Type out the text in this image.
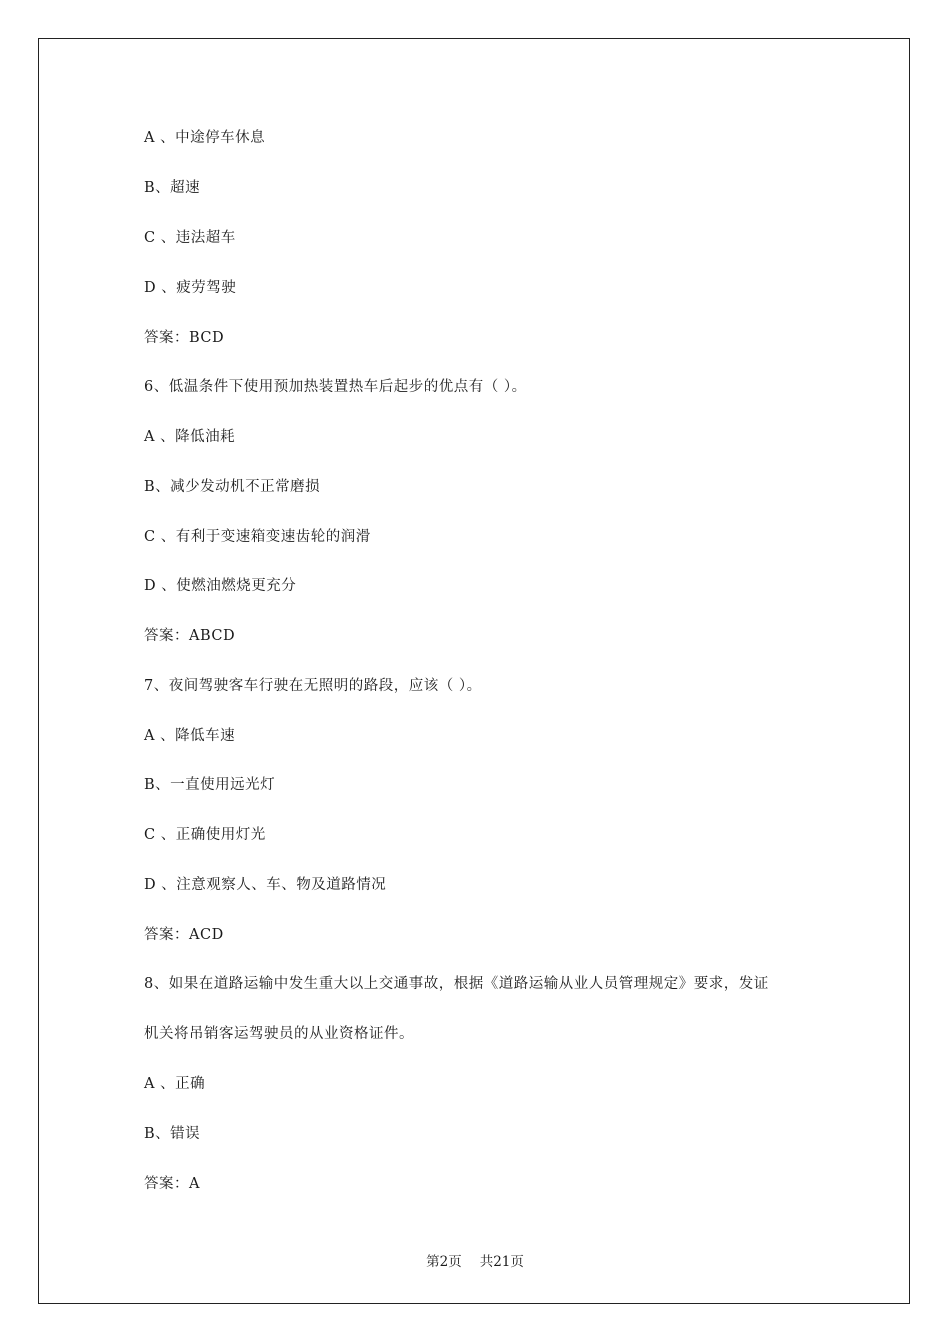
A 、中途停车休息
B、超速
C 、违法超车
D 、疲劳驾驶
答案：BCD
6、低温条件下使用预加热装置热车后起步的优点有（ ）。
A 、降低油耗
B、减少发动机不正常磨损
C 、有利于变速箱变速齿轮的润滑
D 、使燃油燃烧更充分
答案：ABCD
7、夜间驾驶客车行驶在无照明的路段，应该（ ）。
A 、降低车速
B、一直使用远光灯
C 、正确使用灯光
D 、注意观察人、车、物及道路情况
答案：ACD
8、如果在道路运输中发生重大以上交通事故，根据《道路运输从业人员管理规定》要求，发证
机关将吊销客运驾驶员的从业资格证件。
A 、正确
B、错误
答案：A
第2页 共21页
